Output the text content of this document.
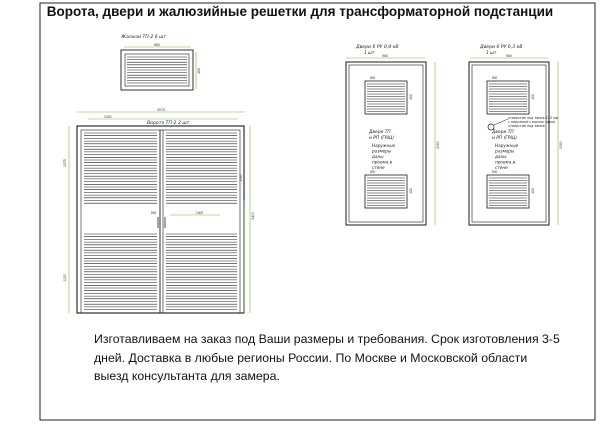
Ворота, двери и жалюзийные решетки для трансформаторной подстанции
Жалюзи ТП-2 6 шт
860
400
2070
Ворота ТП-2 2 шт
1030
800	1000
2275
1130
2400
1060
Двери 6 РУ 0,4 кВ
1 шт
960
2060
800
400
Двери ТП
и РП (ГРЩ)
Наружные
размеры
даны
проема в
стене
800
400
Двери 6 РУ 6,3 кВ
1 шт
960
2060
800
400
отверстие под замок 125 мм
с наружной стороны замок
отверстие под замок
Двери ТП
и РП (ГРЩ)
Наружные
размеры
даны
проема в
стене
800
400
Изготавливаем на заказ под Ваши размеры и требования. Срок изготовления 3-5 дней. Доставка в любые регионы России. По Москве и Московской области выезд консультанта для замера.
